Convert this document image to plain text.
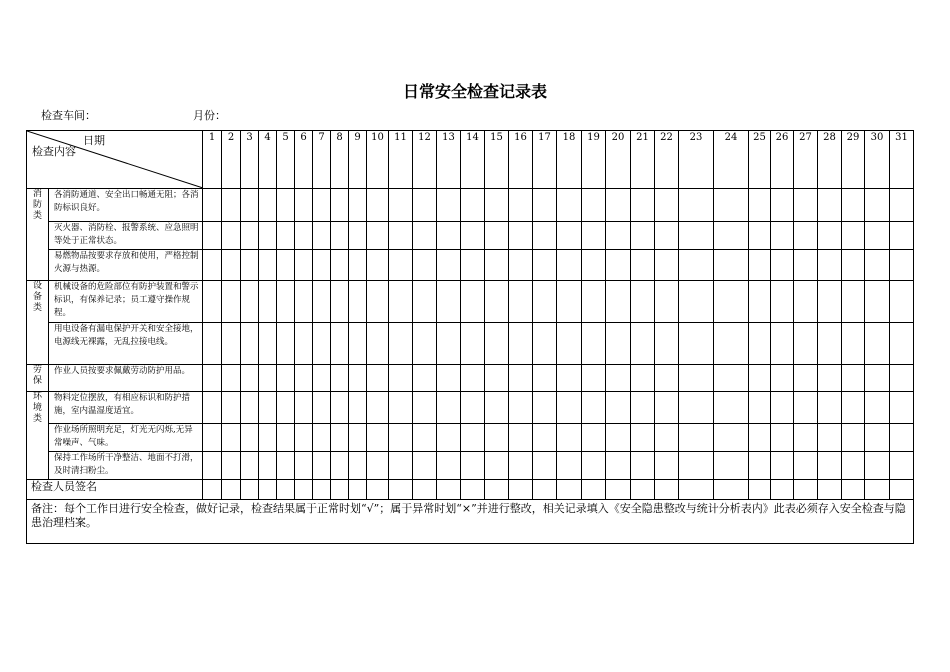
日常安全检查记录表
检查车间：	月份：
日期
检查内容		1	2	3	4	5	6	7	8	9	10	11	12	13	14	15	16	17	18	19	20	21	22	23	24	25	26	27	28	29	30	31
消
防
类	各消防通道、安全出口畅通无阻；各消防标识良好。																															
	灭火器、消防栓、报警系统、应急照明等处于正常状态。																															
	易燃物品按要求存放和使用，严格控制火源与热源。																															
设
备
类	机械设备的危险部位有防护装置和警示标识，有保养记录；员工遵守操作规程。																															
	用电设备有漏电保护开关和安全接地，电源线无裸露，无乱拉接电线。																															
劳
保	作业人员按要求佩戴劳动防护用品。																															
环
境
类	物料定位摆放，有相应标识和防护措施，室内温湿度适宜。																															
	作业场所照明充足，灯光无闪烁,无异常噪声、气味。																															
	保持工作场所干净整洁、地面不打滑，及时清扫粉尘。																															
检查人员签名																																
备注：每个工作日进行安全检查，做好记录，检查结果属于正常时划“√”；属于异常时划“×”并进行整改，相关记录填入《安全隐患整改与统计分析表内》此表必须存入安全检查与隐患治理档案。																																
